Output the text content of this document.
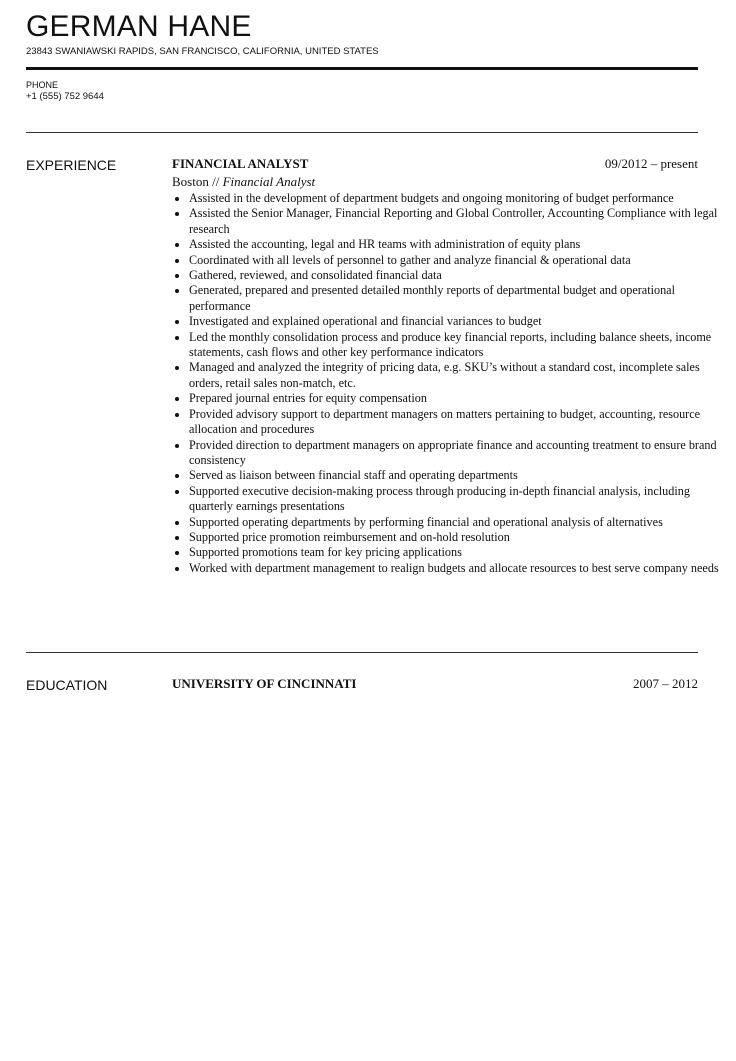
GERMAN HANE
23843 SWANIAWSKI RAPIDS, SAN FRANCISCO, CALIFORNIA, UNITED STATES
PHONE
+1 (555) 752 9644
EXPERIENCE	FINANCIAL ANALYST	09/2012 – present
Boston // Financial Analyst
• Assisted in the development of department budgets and ongoing monitoring of budget performance
• Assisted the Senior Manager, Financial Reporting and Global Controller, Accounting Compliance with legal research
• Assisted the accounting, legal and HR teams with administration of equity plans
• Coordinated with all levels of personnel to gather and analyze financial & operational data
• Gathered, reviewed, and consolidated financial data
• Generated, prepared and presented detailed monthly reports of departmental budget and operational performance
• Investigated and explained operational and financial variances to budget
• Led the monthly consolidation process and produce key financial reports, including balance sheets, income statements, cash flows and other key performance indicators
• Managed and analyzed the integrity of pricing data, e.g. SKU’s without a standard cost, incomplete sales orders, retail sales non-match, etc.
• Prepared journal entries for equity compensation
• Provided advisory support to department managers on matters pertaining to budget, accounting, resource allocation and procedures
• Provided direction to department managers on appropriate finance and accounting treatment to ensure brand consistency
• Served as liaison between financial staff and operating departments
• Supported executive decision-making process through producing in-depth financial analysis, including quarterly earnings presentations
• Supported operating departments by performing financial and operational analysis of alternatives
• Supported price promotion reimbursement and on-hold resolution
• Supported promotions team for key pricing applications
• Worked with department management to realign budgets and allocate resources to best serve company needs
EDUCATION	UNIVERSITY OF CINCINNATI	2007 – 2012
